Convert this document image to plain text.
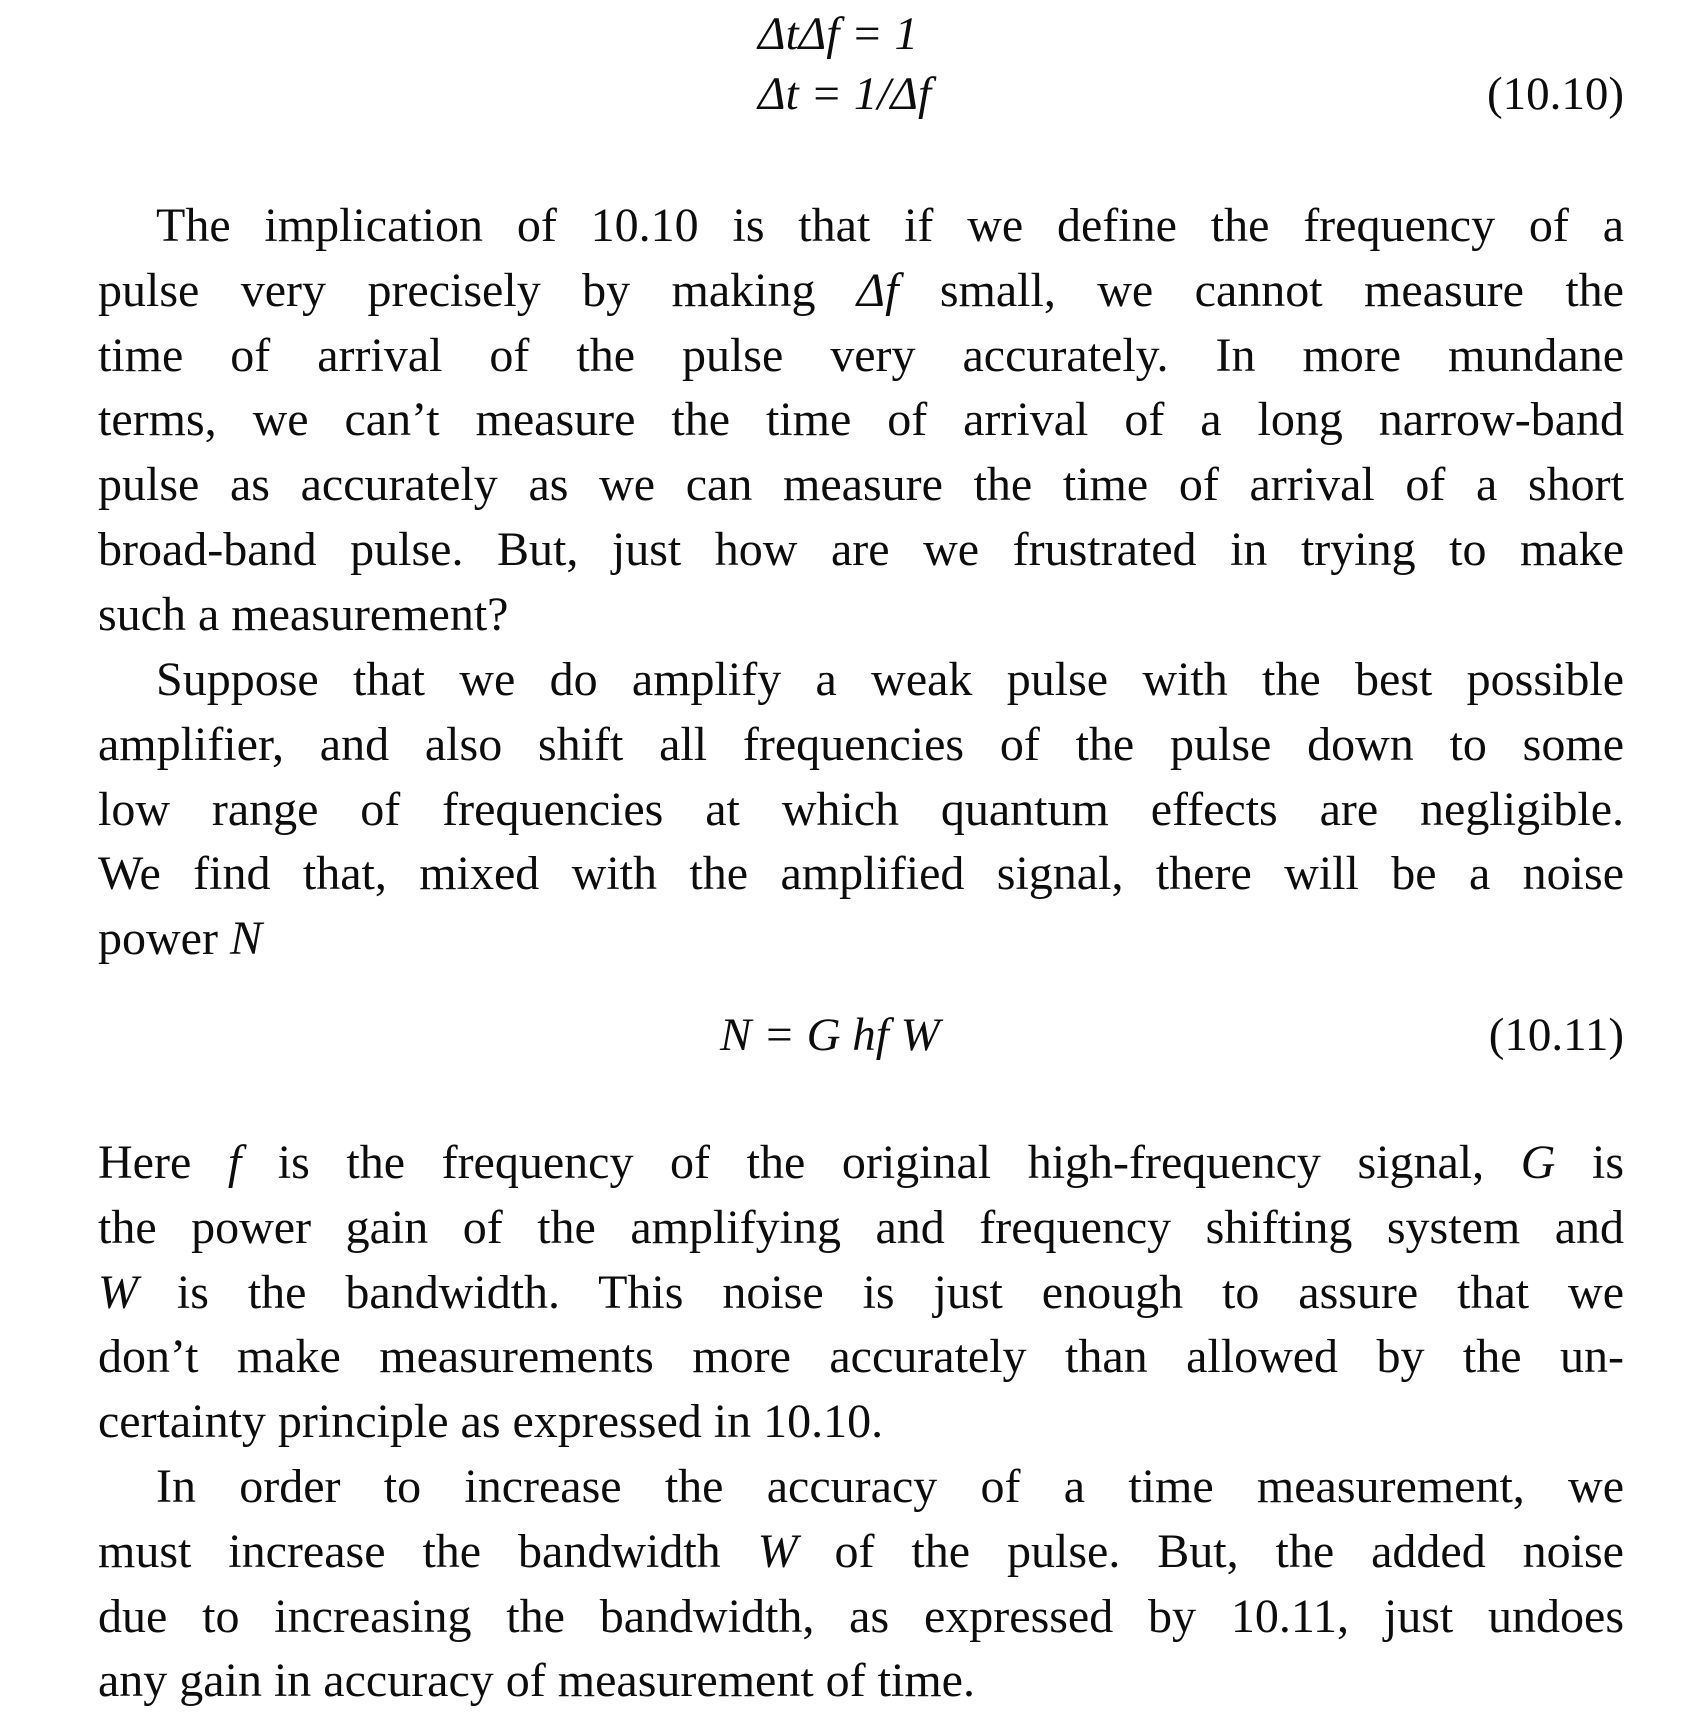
ΔtΔf = 1
Δt = 1/Δf	(10.10)
The implication of 10.10 is that if we define the frequency of a
pulse very precisely by making Δf small, we cannot measure the
time of arrival of the pulse very accurately. In more mundane
terms, we can’t measure the time of arrival of a long narrow-band
pulse as accurately as we can measure the time of arrival of a short
broad-band pulse. But, just how are we frustrated in trying to make
such a measurement?
Suppose that we do amplify a weak pulse with the best possible
amplifier, and also shift all frequencies of the pulse down to some
low range of frequencies at which quantum effects are negligible.
We find that, mixed with the amplified signal, there will be a noise
power N
N = G hf W	(10.11)
Here f is the frequency of the original high-frequency signal, G is
the power gain of the amplifying and frequency shifting system and
W is the bandwidth. This noise is just enough to assure that we
don’t make measurements more accurately than allowed by the un-
certainty principle as expressed in 10.10.
In order to increase the accuracy of a time measurement, we
must increase the bandwidth W of the pulse. But, the added noise
due to increasing the bandwidth, as expressed by 10.11, just undoes
any gain in accuracy of measurement of time.
